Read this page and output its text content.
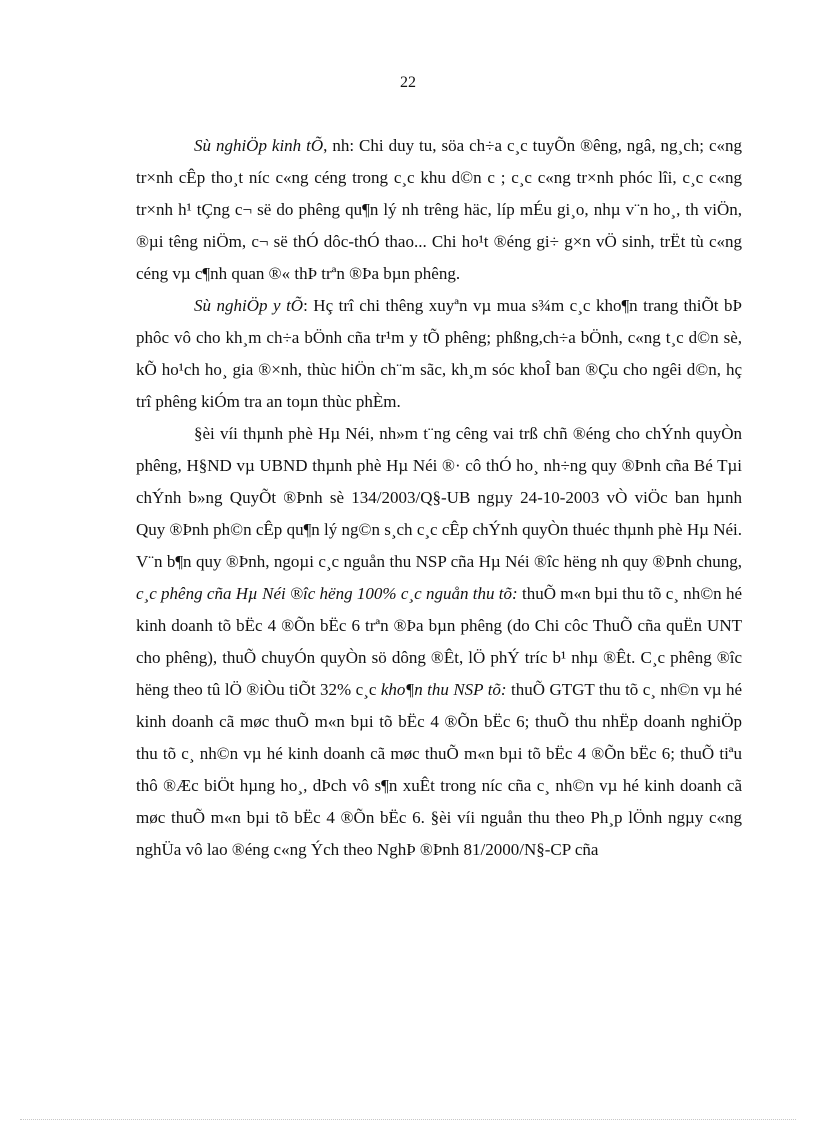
22

Sù nghiÖp kinh tÕ, nh: Chi duy tu, söa ch÷a c¸c tuyÕn ®êng, ngâ, ng¸ch; c«ng tr×nh cÊp tho¸t níc c«ng céng trong c¸c khu d©n c ; c¸c c«ng tr×nh phóc lîi, c¸c c«ng tr×nh h¹ tÇng c¬ së do phêng qu¶n lý nh trêng häc, líp mÉu gi¸o, nhµ v¨n ho¸, th viÖn, ®µi têng niÖm, c¬ së thÓ dôc-thÓ thao... Chi ho¹t ®éng gi÷ g×n vÖ sinh, trËt tù c«ng céng vµ c¶nh quan ®« thÞ trªn ®Þa bµn phêng.

Sù nghiÖp y tÕ: Hç trî chi thêng xuyªn vµ mua s¾m c¸c kho¶n trang thiÕt bÞ phôc vô cho kh¸m ch÷a bÖnh cña tr¹m y tÕ phêng; phßng,ch÷a bÖnh, c«ng t¸c d©n sè, kÕ ho¹ch ho¸ gia ®×nh, thùc hiÖn ch¨m sãc, kh¸m sóc khoÎ ban ®Çu cho ngêi d©n, hç trî phêng kiÓm tra an toµn thùc phÈm.

§èi víi thµnh phè Hµ Néi, nh»m t¨ng cêng vai trß chñ ®éng cho chÝnh quyÒn phêng, H§ND vµ UBND thµnh phè Hµ Néi ®· cô thÓ ho¸ nh÷ng quy ®Þnh cña Bé Tµi chÝnh b»ng QuyÕt ®Þnh sè 134/2003/Q§-UB ngµy 24-10-2003 vÒ viÖc ban hµnh Quy ®Þnh ph©n cÊp qu¶n lý ng©n s¸ch c¸c cÊp chÝnh quyÒn thuéc thµnh phè Hµ Néi. V¨n b¶n quy ®Þnh, ngoµi c¸c nguån thu NSP cña Hµ Néi ®îc hëng nh quy ®Þnh chung, c¸c phêng cña Hµ Néi ®îc hëng 100% c¸c nguån thu tõ: thuÕ m«n bµi thu tõ c¸ nh©n hé kinh doanh tõ bËc 4 ®Õn bËc 6 trªn ®Þa bµn phêng (do Chi côc ThuÕ cña quËn UNT cho phêng), thuÕ chuyÓn quyÒn sö dông ®Êt, lÖ phÝ tríc b¹ nhµ ®Êt. C¸c phêng ®îc hëng theo tû lÖ ®iÒu tiÕt 32% c¸c kho¶n thu NSP tõ: thuÕ GTGT thu tõ c¸ nh©n vµ hé kinh doanh cã møc thuÕ m«n bµi tõ bËc 4 ®Õn bËc 6; thuÕ thu nhËp doanh nghiÖp thu tõ c¸ nh©n vµ hé kinh doanh cã møc thuÕ m«n bµi tõ bËc 4 ®Õn bËc 6; thuÕ tiªu thô ®Æc biÖt hµng ho¸, dÞch vô s¶n xuÊt trong níc cña c¸ nh©n vµ hé kinh doanh cã møc thuÕ m«n bµi tõ bËc 4 ®Õn bËc 6. §èi víi nguån thu theo Ph¸p lÖnh ngµy c«ng nghÜa vô lao ®éng c«ng Ých theo NghÞ ®Þnh 81/2000/N§-CP cña
